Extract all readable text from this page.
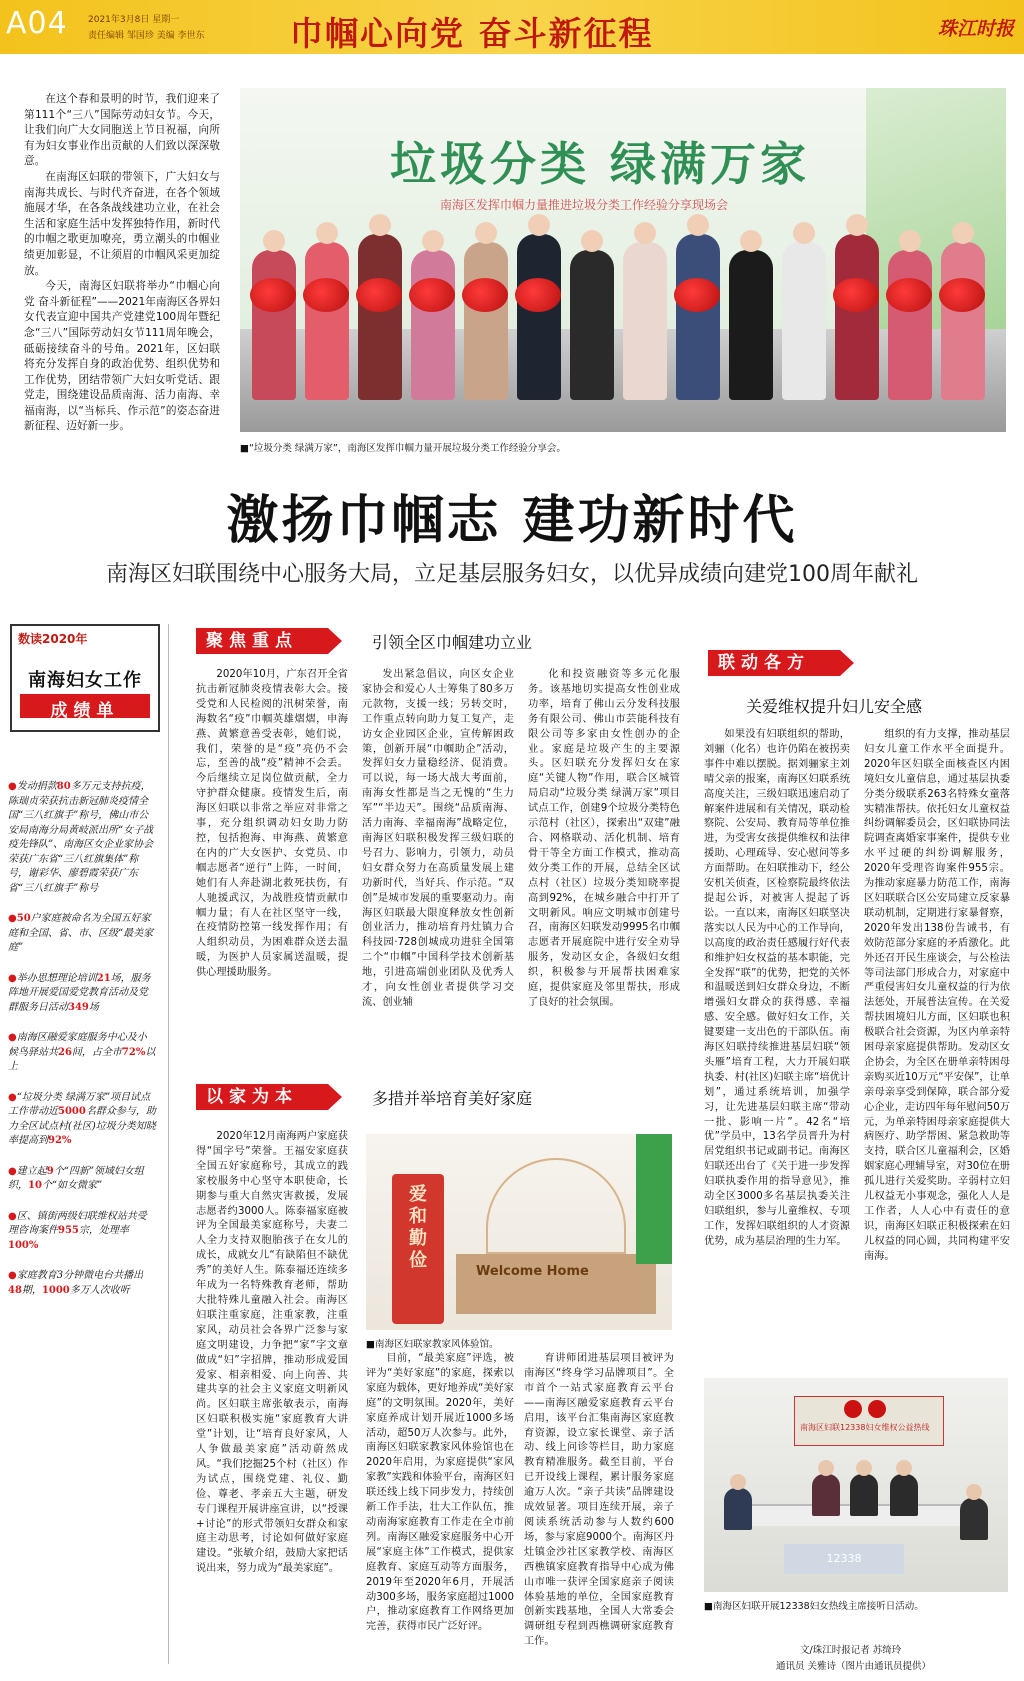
A04 2021年3月8日 星期一
责任编辑 邹国珍 美编 李世东	巾帼心向党 奋斗新征程	珠江时报

在这个春和景明的时节，我们迎来了第111个“三八”国际劳动妇女节。今天，让我们向广大女同胞送上节日祝福，向所有为妇女事业作出贡献的人们致以深深敬意。

在南海区妇联的带领下，广大妇女与南海共成长、与时代齐奋进，在各个领域施展才华，在各条战线建功立业，在社会生活和家庭生活中发挥独特作用，新时代的巾帼之歌更加嘹亮，勇立潮头的巾帼业绩更加彰显，不让须眉的巾帼风采更加绽放。

今天，南海区妇联将举办“巾帼心向党 奋斗新征程”——2021年南海区各界妇女代表宣迎中国共产党建党100周年暨纪念“三八”国际劳动妇女节111周年晚会，砥砺接续奋斗的号角。2021年，区妇联将充分发挥自身的政治优势、组织优势和工作优势，团结带领广大妇女听党话、跟党走，围绕建设品质南海、活力南海、幸福南海，以“当标兵、作示范”的姿态奋进新征程、迈好新一步。

垃圾分类 绿满万家
南海区发挥巾帼力量推进垃圾分类工作经验分享现场会
■“垃圾分类 绿满万家”，南海区发挥巾帼力量开展垃圾分类工作经验分享会。
激扬巾帼志 建功新时代
南海区妇联围绕中心服务大局，立足基层服务妇女，以优异成绩向建党100周年献礼
数读2020年
南海妇女工作
成绩单
●发动捐款80多万元支持抗疫，陈瑞贞荣获抗击新冠肺炎疫情全国“三八红旗手”称号，佛山市公安局南海分局黄岐派出所“女子战疫先锋队”、南海区女企业家协会荣获广东省“三八红旗集体”称号，谢彩华、廖碧霞荣获广东省“三八红旗手”称号
●50户家庭被命名为全国五好家庭和全国、省、市、区级“最美家庭”
●举办思想理论培训21场，服务阵地开展爱国爱党教育活动及党群服务日活动349场
●南海区融爱家庭服务中心及小候鸟驿站共26间，占全市72%以上
●“垃圾分类 绿满万家”项目试点工作带动近5000名群众参与，助力全区试点村(社区)垃圾分类知晓率提高到92%
●建立起9个“四新”领域妇女组织，10个“如女微家”
●区、镇街两级妇联维权站共受理咨询案件955宗，处理率100%
●家庭教育3分钟微电台共播出48期，1000多万人次收听
聚焦重点	引领全区巾帼建功立业

2020年10月，广东召开全省抗击新冠肺炎疫情表彰大会。接受党和人民检阅的汛树荣誉，南海数名“疫”巾帼英雄熠熠，申海燕、黄繁意善受表彰，她们说，我们，荣誉的是“疫”亮仍不会忘，至善的战“疫”精神不会丢。今后继续立足岗位做贡献，全力守护群众健康。疫情发生后，南海区妇联以非常之举应对非常之事，充分组织调动妇女助力防控，包括抱海、申海燕、黄繁意在内的广大女医护、女党员、巾帼志愿者“逆行”上阵，一时间，她们有人奔赴湖北救死扶伤，有人驰援武汉，为战胜疫情贡献巾帼力量；有人在社区坚守一线，在疫情防控第一线发挥作用；有人组织动员，为困难群众送去温暖，为医护人员家属送温暖，提供心理援助服务。

发出紧急倡议，向区女企业家协会和爱心人士筹集了80多万元款物，支援一线；另转交时，工作重点转向助力复工复产，走访女企业园区企业，宣传解困政策，创新开展“巾帼助企”活动，发挥妇女力量稳经济、促消费。可以说，每一场大战大考面前，南海女性都是当之无愧的“生力军”“半边天”。围绕“品质南海、活力南海、幸福南海”战略定位，南海区妇联积极发挥三级妇联的号召力、影响力，引领力，动员妇女群众努力在高质量发展上建功新时代，当好兵、作示范。“双创”是城市发展的重要驱动力。南海区妇联最大限度释放女性创新创业活力，推动培育丹灶镇力合科技园·728创城成功进驻全国第二个“巾帼”中国科学技术创新基地，引进高端创业团队及优秀人才，向女性创业者提供学习交流、创业辅

化和投资融资等多元化服务。该基地切实提高女性创业成功率，培育了佛山云分发科技服务有限公司、佛山市芸能科技有限公司等多家由女性创办的企业。家庭是垃圾产生的主要源头。区妇联充分发挥妇女在家庭“关键人物”作用，联合区城管局启动“垃圾分类 绿满万家”项目试点工作，创建9个垃圾分类特色示范村（社区），探索出“双建”融合、网格联动、活化机制、培育骨干等全方面工作模式，推动高效分类工作的开展，总结全区试点村（社区）垃圾分类知晓率提高到92%，在城乡融合中打开了文明新风。响应文明城市创建号召，南海区妇联发动9995名巾帼志愿者开展庭院中进行安全劝导服务，发动区女企，各级妇女组织，积极参与开展帮扶困难家庭，提供家庭及邻里帮扶，形成了良好的社会氛围。

以家为本	多措并举培育美好家庭

2020年12月南海两户家庭获得“国字号”荣誉。王福安家庭获全国五好家庭称号，其成立的践家校服务中心坚守本职使命，长期参与重大自然灾害救援，发展志愿者约3000人。陈泰福家庭被评为全国最美家庭称号，夫妻二人全力支持双胞胎孩子在女儿的成长，成就女儿“有缺陷但不缺优秀”的美好人生。陈泰福还连续多年成为一名特殊教育老师，帮助大批特殊儿童融入社会。南海区妇联注重家庭，注重家教，注重家风，动员社会各界广泛参与家庭文明建设，力争把“家”字文章做成“妇”字招牌，推动形成爱国爱家、相亲相爱、向上向善、共建共享的社会主义家庭文明新风尚。区妇联主席张敏表示，南海区妇联积极实施“家庭教育大讲堂”计划，让“培育良好家风，人人争做最美家庭”活动蔚然成风。“我们挖掘25个村（社区）作为试点，围绕党建、礼仪、勤俭、尊老、孝亲五大主题，研发专门课程开展讲座宣讲，以“授课+讨论”的形式带领妇女群众和家庭主动思考，讨论如何做好家庭建设。“张敏介绍，鼓励大家把话说出来，努力成为“最美家庭”。

目前，“最美家庭”评选，被评为“美好家庭”的家庭，探索以家庭为载体，更好地养成“美好家庭”的文明氛围。2020年，美好家庭养成计划开展近1000多场活动，超50万人次参与。此外，南海区妇联家教家风体验馆也在2020年启用，为家庭提供“家风家教”实践和体验平台，南海区妇联还线上线下同步发力，持续创新工作手法，壮大工作队伍，推动南海家庭教育工作走在全市前列。南海区融爱家庭服务中心开展“家庭主体”工作模式，提供家庭教育、家庭互动等方面服务，2019年至2020年6月，开展活动300多场，服务家庭超过1000户，推动家庭教育工作网络更加完善，获得市民广泛好评。

育讲师团进基层项目被评为南海区“终身学习品牌项目”。全市首个一站式家庭教育云平台——南海区融爱家庭教育云平台启用，该平台汇集南海区家庭教育资源，设立家长课堂、亲子活动、线上问诊等栏目，助力家庭教育精准服务。截至目前，平台已开设线上课程，累计服务家庭逾万人次。“亲子共读”品牌建设成效显著。项目连续开展，亲子阅读系统活动参与人数约600场，参与家庭9000个。南海区丹灶镇金沙社区家教学校、南海区西樵镇家庭教育指导中心成为佛山市唯一获评全国家庭亲子阅读体验基地的单位，全国家庭教育创新实践基地，全国人大常委会调研组专程到西樵调研家庭教育工作。

爱和勤俭
Welcome Home
■南海区妇联家教家风体验馆。
联动各方
关爱维权提升妇儿安全感

如果没有妇联组织的帮助，刘骊（化名）也许仍陷在被拐卖事件中难以摆脱。据刘骊家主刘晴父亲的报案，南海区妇联系统高度关注，三级妇联迅速启动了解案件进展和有关情况，联动检察院、公安局、教育局等单位推进，为受害女孩提供维权和法律援助、心理疏导、安心慰问等多方面帮助。在妇联推动下，经公安机关侦查，区检察院最终依法提起公诉，对被害人提起了诉讼。一直以来，南海区妇联坚决落实以人民为中心的工作导向，以高度的政治责任感履行好代表和维护妇女权益的基本职能，完全发挥“联”的优势，把党的关怀和温暖送到妇女群众身边，不断增强妇女群众的获得感、幸福感、安全感。做好妇女工作，关键要建一支出色的干部队伍。南海区妇联持续推进基层妇联“领头雁”培育工程，大力开展妇联执委、村(社区)妇联主席“培优计划”，通过系统培训，加强学习，让先进基层妇联主席“带动一批、影响一片”。42名“培优”学员中，13名学员晋升为村居党组织书记或副书记。南海区妇联还出台了《关于进一步发挥妇联执委作用的指导意见》，推动全区3000多名基层执委关注妇联组织，参与儿童维权、专项工作，发挥妇联组织的人才资源优势，成为基层治理的生力军。

组织的有力支撑，推动基层妇女儿童工作水平全面提升。2020年区妇联全面核查区内困境妇女儿童信息，通过基层执委分类分级联系263名特殊女童落实精准帮扶。依托妇女儿童权益纠纷调解委员会，区妇联协同法院调查离婚家事案件，提供专业水平过硬的纠纷调解服务，2020年受理咨询案件955宗。为推动家庭暴力防范工作，南海区妇联联合区公安局建立反家暴联动机制，定期进行家暴督察，2020年发出138份告诫书，有效防范部分家庭的矛盾激化。此外还召开民生座谈会，与公检法等司法部门形成合力，对家庭中严重侵害妇女儿童权益的行为依法惩处，开展普法宣传。在关爱帮扶困境妇儿方面，区妇联也积极联合社会资源，为区内单亲特困母亲家庭提供帮助。发动区女企协会，为全区在册单亲特困母亲购买近10万元“平安保”，让单亲母亲享受到保障，联合部分爱心企业，走访四年每年慰问50万元，为单亲特困母亲家庭提供大病医疗、助学帮困、紧急救助等支持，联合区儿童福利会，区婚姻家庭心理辅导室，对30位在册孤儿进行关爱奖助。辛弱村立妇儿权益无小事观念，强化人人是工作者，人人心中有责任的意识，南海区妇联正积极探索在妇儿权益的同心圆，共同构建平安南海。

南海区妇联12338妇女维权公益热线
12338
■南海区妇联开展12338妇女热线主席接听日活动。
文/珠江时报记者 苏绮玲
通讯员 关雅诗（图片由通讯员提供）
